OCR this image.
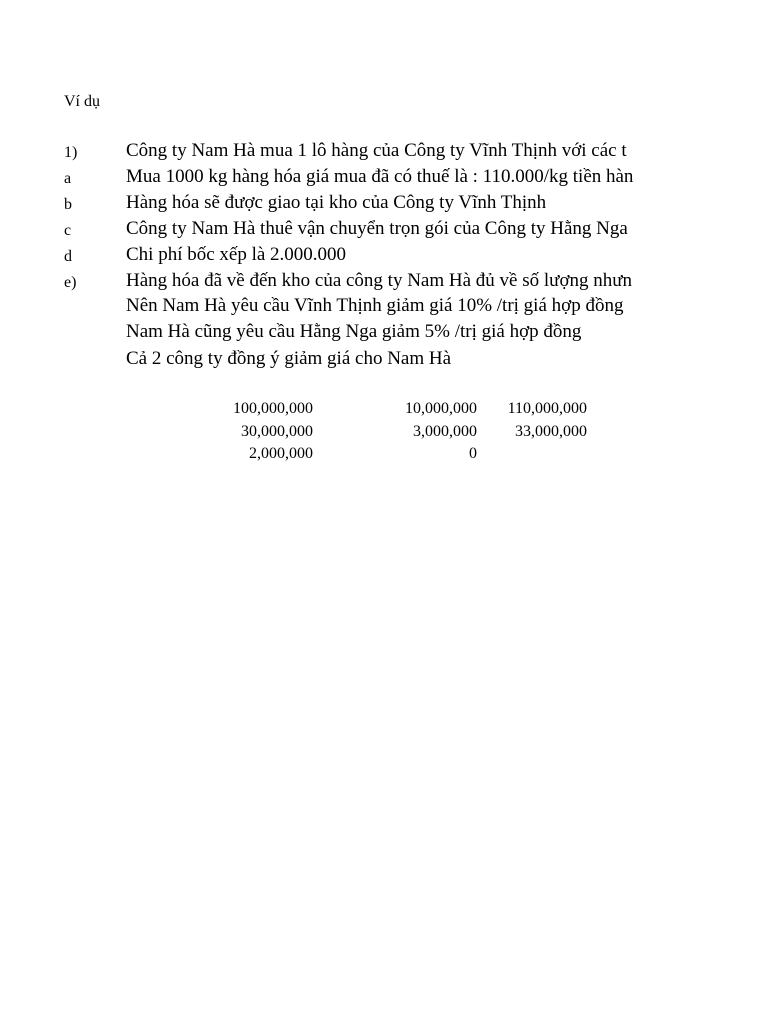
Ví dụ
1)	Công ty Nam Hà mua 1 lô hàng của Công ty Vĩnh Thịnh với các t
a	Mua 1000 kg hàng hóa giá mua đã có thuế là : 110.000/kg tiền hàn
b	Hàng hóa sẽ được giao tại kho của Công ty Vĩnh Thịnh
c	Công ty Nam Hà thuê vận chuyển trọn gói của Công ty Hằng Nga
d	Chi phí bốc xếp là 2.000.000
e)	Hàng hóa đã về đến kho của công ty Nam Hà đủ về số lượng nhưn
Nên Nam Hà yêu cầu Vĩnh Thịnh giảm giá 10% /trị giá hợp đồng
Nam Hà cũng yêu cầu Hằng Nga giảm 5% /trị giá hợp đồng
Cả 2 công ty đồng ý giảm giá cho Nam Hà
100,000,000	10,000,000 110,000,000
30,000,000	3,000,000 33,000,000
2,000,000	0
